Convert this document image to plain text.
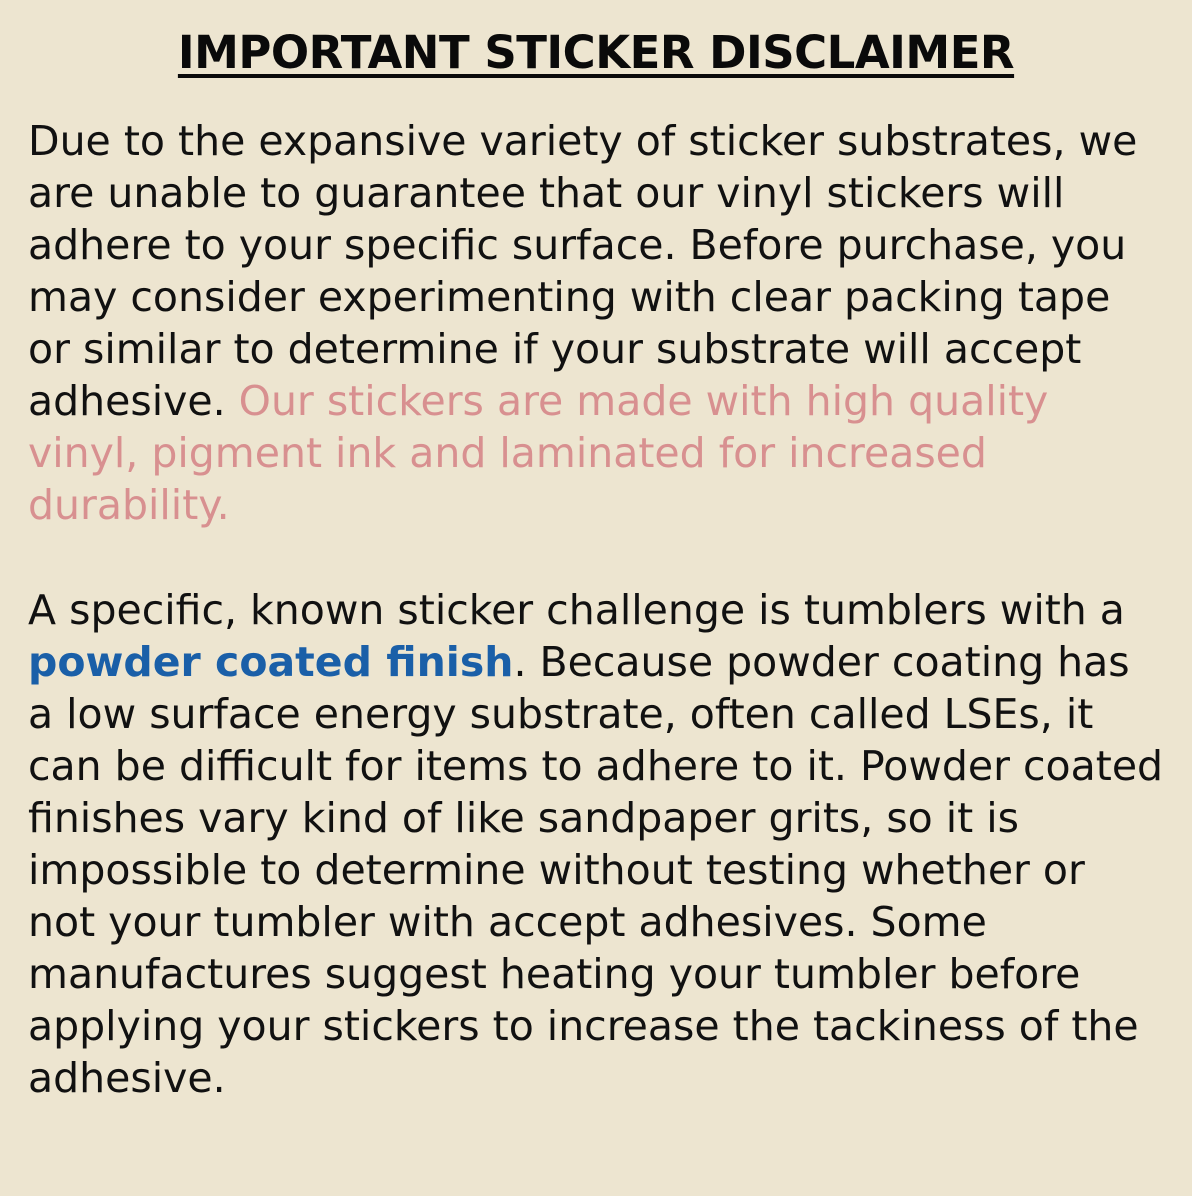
IMPORTANT STICKER DISCLAIMER

Due to the expansive variety of sticker substrates, we are unable to guarantee that our vinyl stickers will adhere to your specific surface. Before purchase, you may consider experimenting with clear packing tape or similar to determine if your substrate will accept adhesive. Our stickers are made with high quality vinyl, pigment ink and laminated for increased durability.

A specific, known sticker challenge is tumblers with a powder coated finish. Because powder coating has a low surface energy substrate, often called LSEs, it can be difficult for items to adhere to it. Powder coated finishes vary kind of like sandpaper grits, so it is impossible to determine without testing whether or not your tumbler with accept adhesives. Some manufactures suggest heating your tumbler before applying your stickers to increase the tackiness of the adhesive.
